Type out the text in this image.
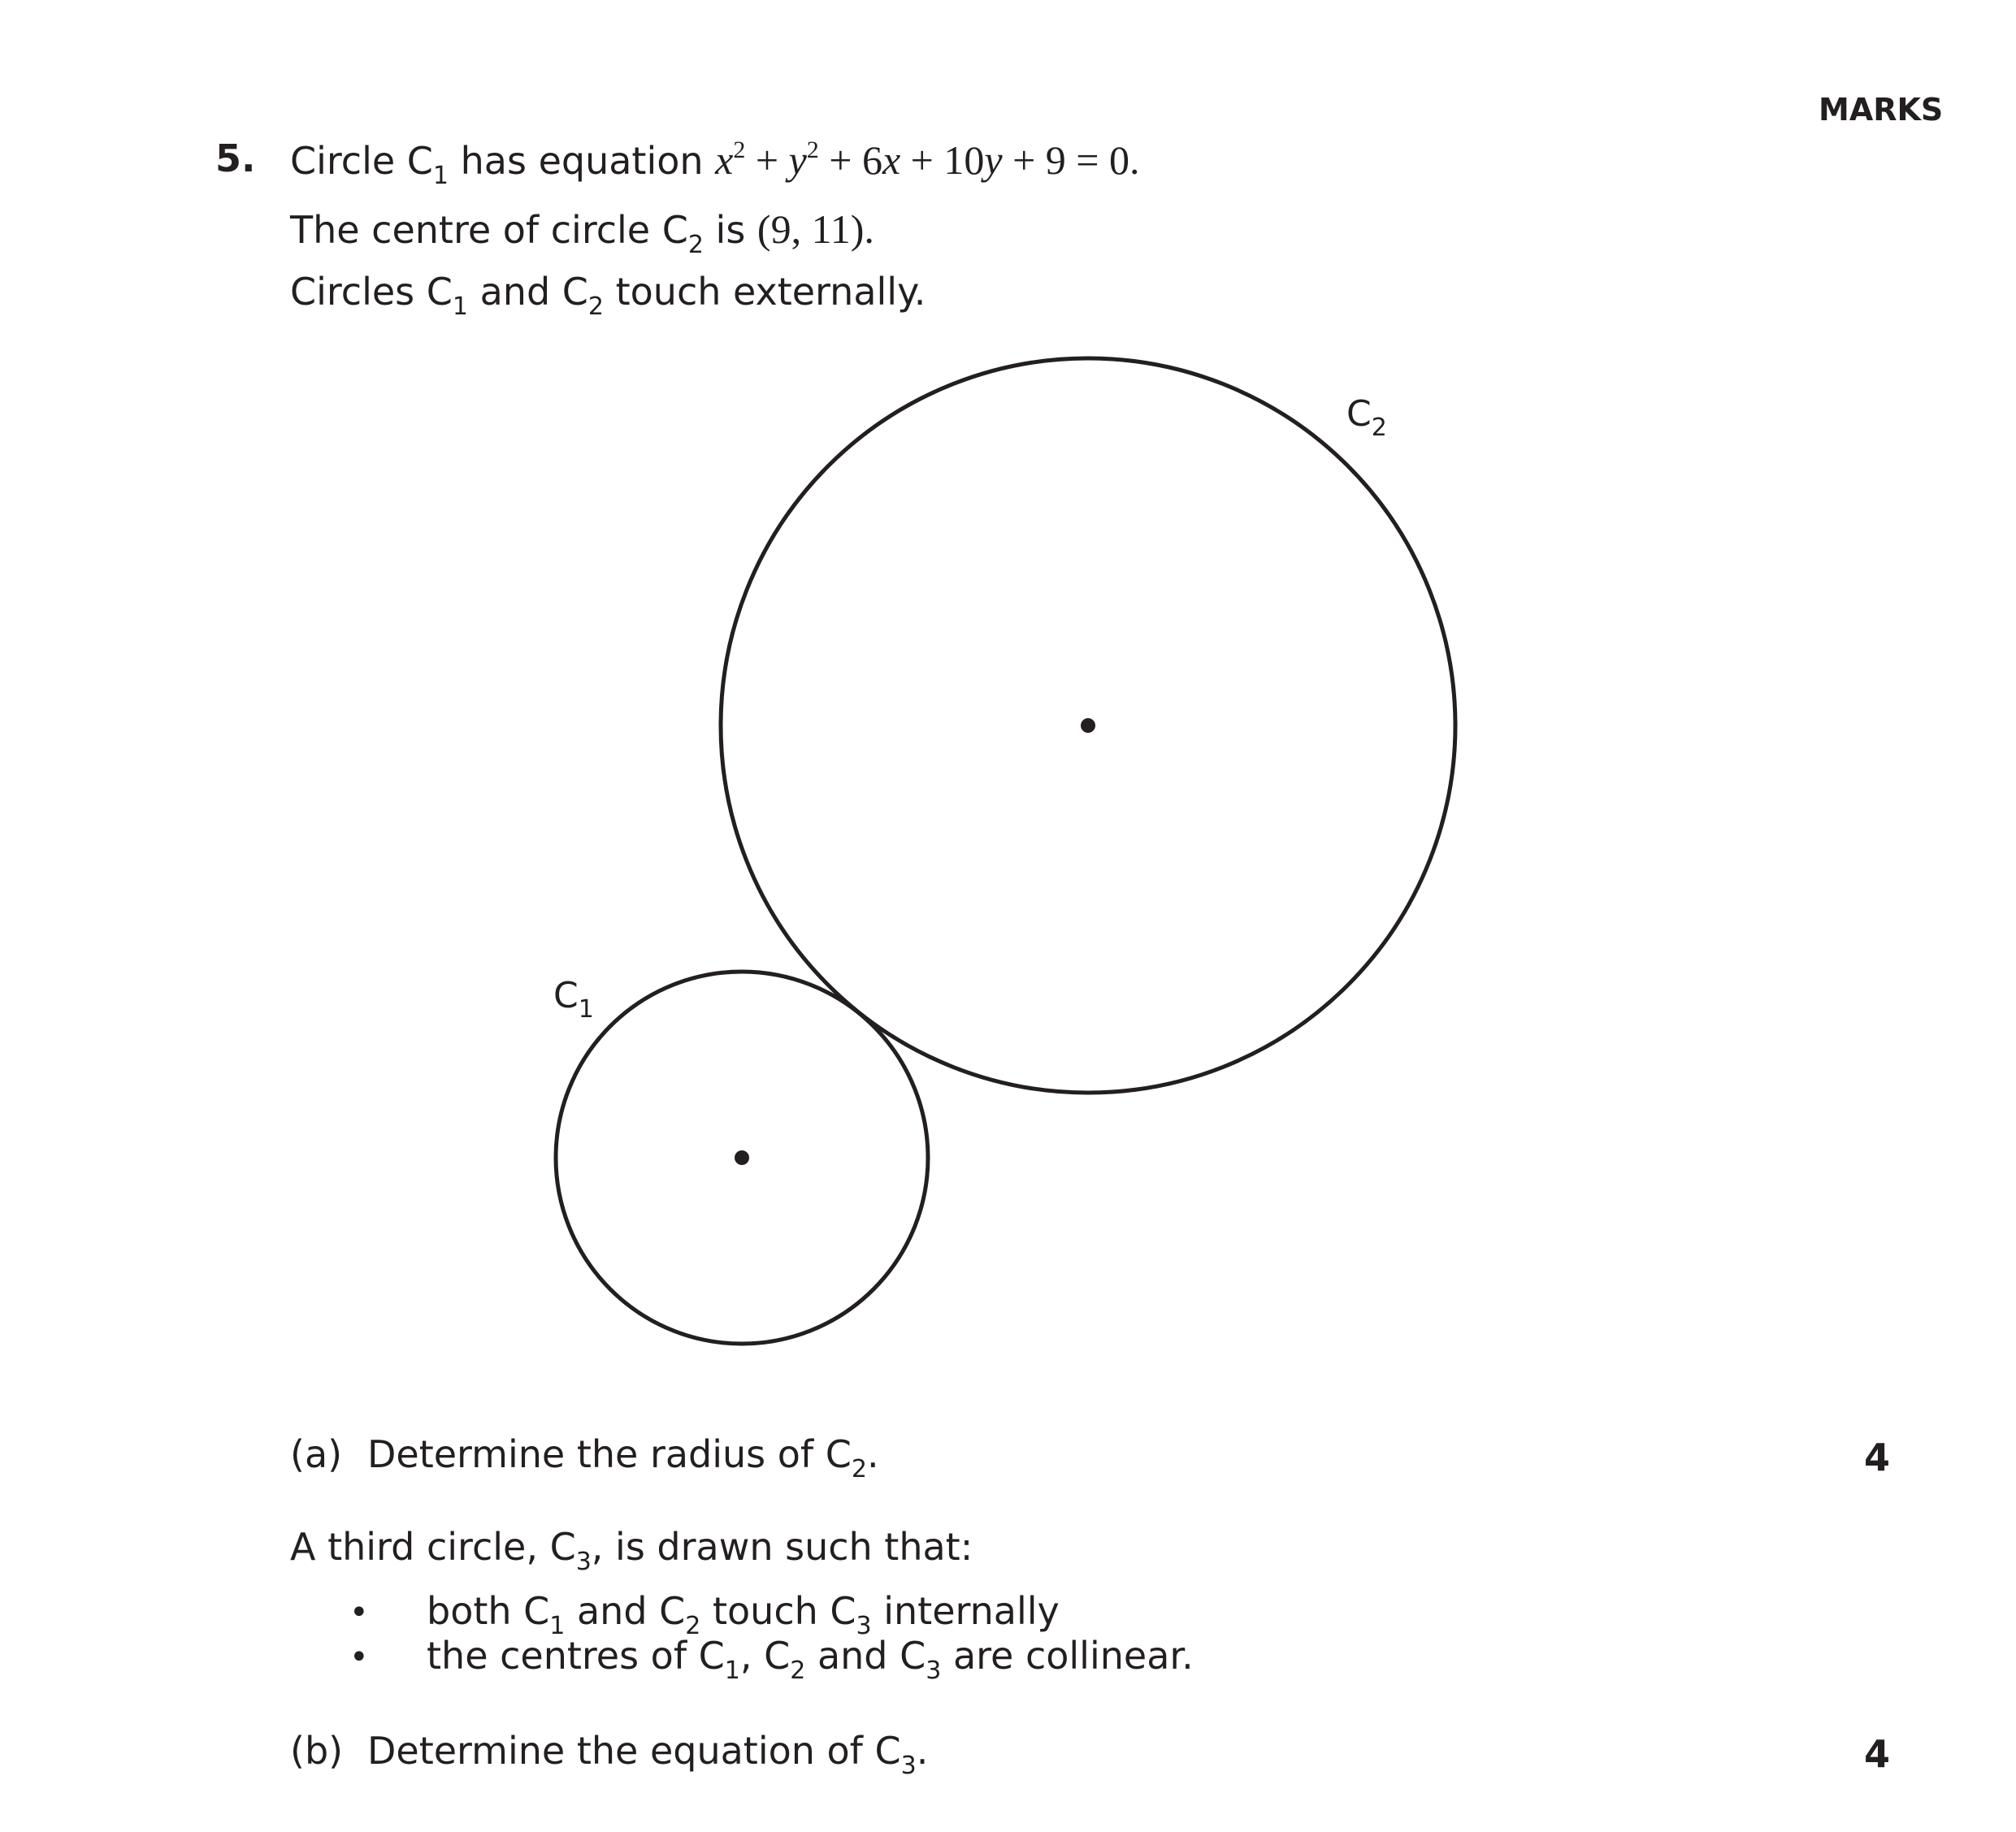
MARKS
5. Circle $C_1$ has equation $x^2 + y^2 + 6x + 10y + 9 = 0$.
The centre of circle $C_2$ is (9, 11).
Circles $C_1$ and $C_2$ touch externally.
$C_2$
$C_1$
(a) Determine the radius of $C_2$.	4
A third circle, $C_3$, is drawn such that:
• both $C_1$ and $C_2$ touch $C_3$ internally
• the centres of $C_1$, $C_2$ and $C_3$ are collinear.
(b) Determine the equation of $C_3$.	4
